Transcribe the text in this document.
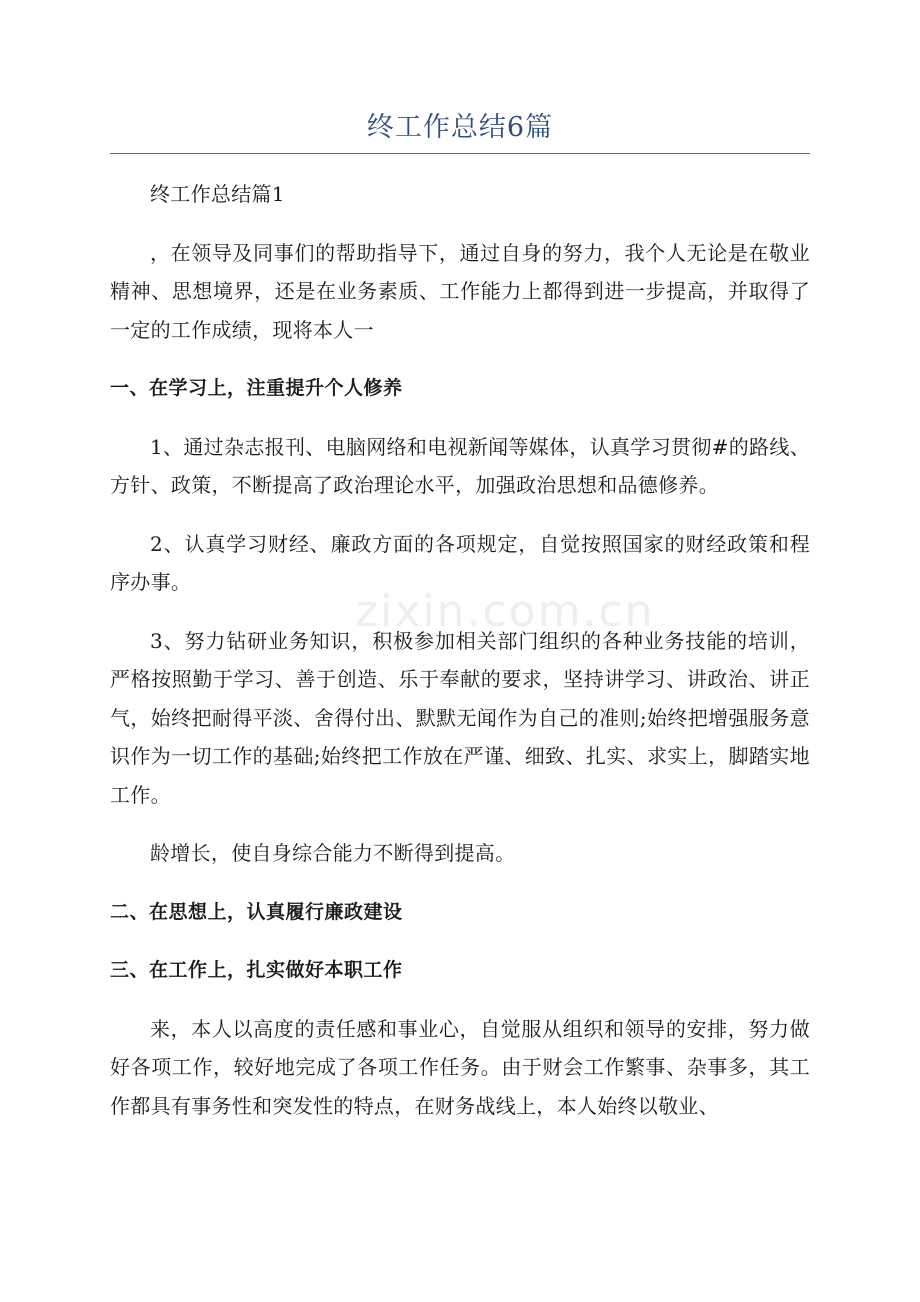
zixin.com.cn
终工作总结6篇

终工作总结篇1

，在领导及同事们的帮助指导下，通过自身的努力，我个人无论是在敬业精神、思想境界，还是在业务素质、工作能力上都得到进一步提高，并取得了一定的工作成绩，现将本人一

一、在学习上，注重提升个人修养

1、通过杂志报刊、电脑网络和电视新闻等媒体，认真学习贯彻#的路线、方针、政策，不断提高了政治理论水平，加强政治思想和品德修养。

2、认真学习财经、廉政方面的各项规定，自觉按照国家的财经政策和程序办事。

3、努力钻研业务知识，积极参加相关部门组织的各种业务技能的培训，严格按照勤于学习、善于创造、乐于奉献的要求，坚持讲学习、讲政治、讲正气，始终把耐得平淡、舍得付出、默默无闻作为自己的准则;始终把增强服务意识作为一切工作的基础;始终把工作放在严谨、细致、扎实、求实上，脚踏实地工作。

龄增长，使自身综合能力不断得到提高。

二、在思想上，认真履行廉政建设

三、在工作上，扎实做好本职工作

来，本人以高度的责任感和事业心，自觉服从组织和领导的安排，努力做好各项工作，较好地完成了各项工作任务。由于财会工作繁事、杂事多，其工作都具有事务性和突发性的特点，在财务战线上，本人始终以敬业、
